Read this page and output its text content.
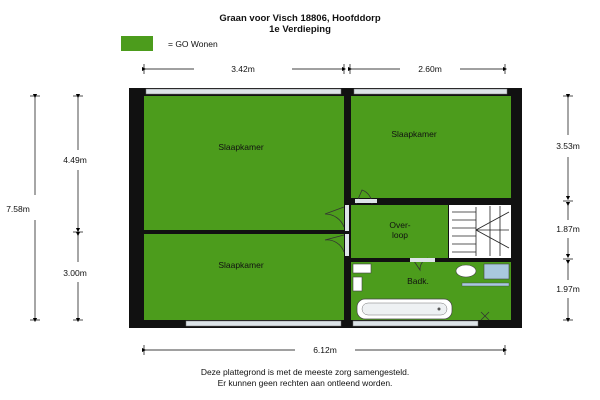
Graan voor Visch 18806, Hoofddorp
1e Verdieping
= GO Wonen
Slaapkamer
Slaapkamer
Slaapkamer
Over-
loop
Badk.
3.42m	2.60m
7.58m
4.49m
3.00m
3.53m
1.87m
1.97m
6.12m
Deze plattegrond is met de meeste zorg samengesteld.
Er kunnen geen rechten aan ontleend worden.
